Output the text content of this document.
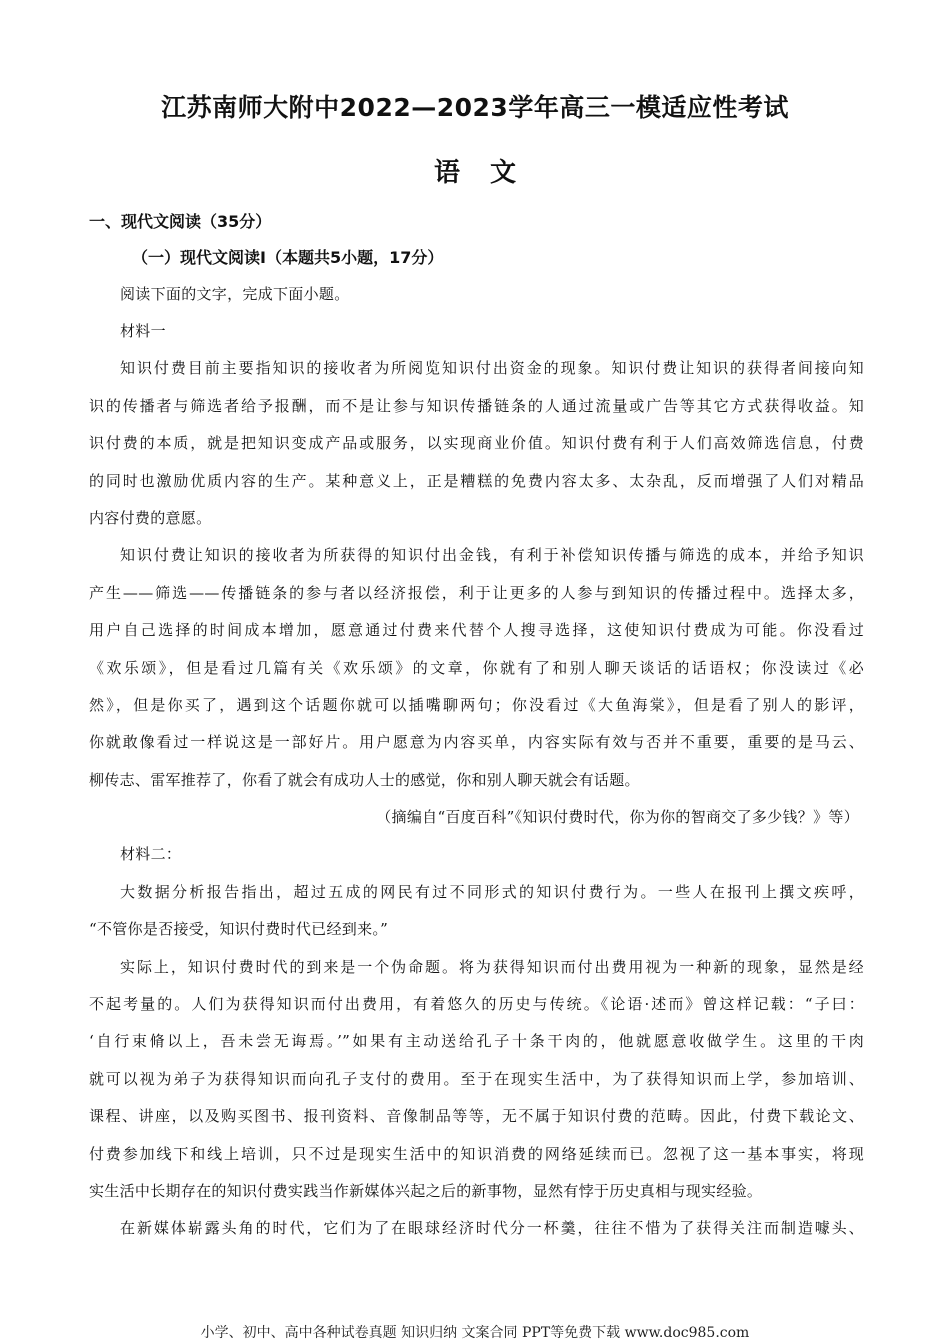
江苏南师大附中2022—2023学年高三一模适应性考试
语文
一、现代文阅读（35分）
（一）现代文阅读Ⅰ（本题共5小题，17分）
阅读下面的文字，完成下面小题。
材料一
知识付费目前主要指知识的接收者为所阅览知识付出资金的现象。知识付费让知识的获得者间接向知
识的传播者与筛选者给予报酬，而不是让参与知识传播链条的人通过流量或广告等其它方式获得收益。知
识付费的本质，就是把知识变成产品或服务，以实现商业价值。知识付费有利于人们高效筛选信息，付费
的同时也激励优质内容的生产。某种意义上，正是糟糕的免费内容太多、太杂乱，反而增强了人们对精品
内容付费的意愿。
知识付费让知识的接收者为所获得的知识付出金钱，有利于补偿知识传播与筛选的成本，并给予知识
产生——筛选——传播链条的参与者以经济报偿，利于让更多的人参与到知识的传播过程中。选择太多，
用户自己选择的时间成本增加，愿意通过付费来代替个人搜寻选择，这使知识付费成为可能。你没看过
《欢乐颂》，但是看过几篇有关《欢乐颂》的文章，你就有了和别人聊天谈话的话语权；你没读过《必
然》，但是你买了，遇到这个话题你就可以插嘴聊两句；你没看过《大鱼海棠》，但是看了别人的影评，
你就敢像看过一样说这是一部好片。用户愿意为内容买单，内容实际有效与否并不重要，重要的是马云、
柳传志、雷军推荐了，你看了就会有成功人士的感觉，你和别人聊天就会有话题。
（摘编自“百度百科”《知识付费时代，你为你的智商交了多少钱？》等）
材料二：
大数据分析报告指出，超过五成的网民有过不同形式的知识付费行为。一些人在报刊上撰文疾呼，
“不管你是否接受，知识付费时代已经到来。”
实际上，知识付费时代的到来是一个伪命题。将为获得知识而付出费用视为一种新的现象，显然是经
不起考量的。人们为获得知识而付出费用，有着悠久的历史与传统。《论语·述而》曾这样记载：“子曰：
‘自行束脩以上，吾未尝无诲焉。’”如果有主动送给孔子十条干肉的，他就愿意收做学生。这里的干肉
就可以视为弟子为获得知识而向孔子支付的费用。至于在现实生活中，为了获得知识而上学，参加培训、
课程、讲座，以及购买图书、报刊资料、音像制品等等，无不属于知识付费的范畴。因此，付费下载论文、
付费参加线下和线上培训，只不过是现实生活中的知识消费的网络延续而已。忽视了这一基本事实，将现
实生活中长期存在的知识付费实践当作新媒体兴起之后的新事物，显然有悖于历史真相与现实经验。
在新媒体崭露头角的时代，它们为了在眼球经济时代分一杯羹，往往不惜为了获得关注而制造噱头、
小学、初中、高中各种试卷真题 知识归纳 文案合同 PPT等免费下载 www.doc985.com
